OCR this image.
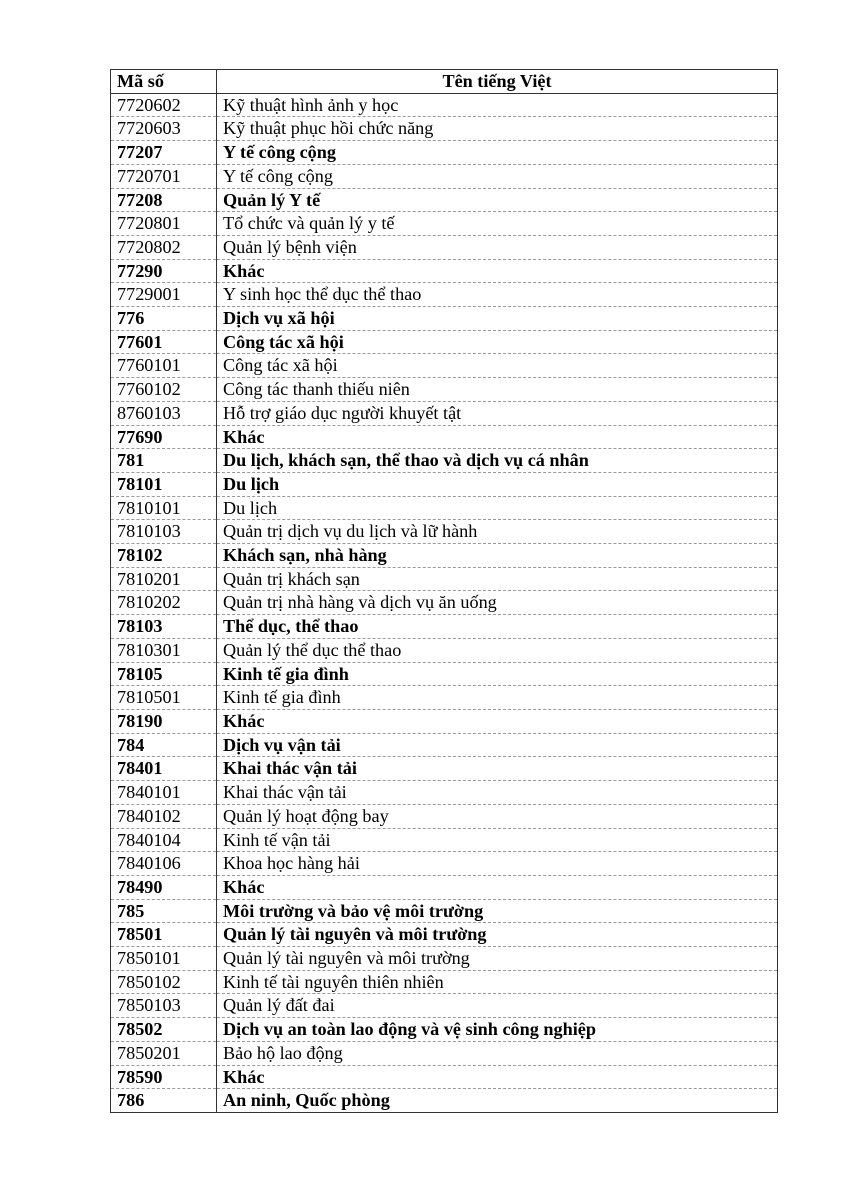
Mã số	Tên tiếng Việt
7720602	Kỹ thuật hình ảnh y học
7720603	Kỹ thuật phục hồi chức năng
77207	Y tế công cộng
7720701	Y tế công cộng
77208	Quản lý Y tế
7720801	Tổ chức và quản lý y tế
7720802	Quản lý bệnh viện
77290	Khác
7729001	Y sinh học thể dục thể thao
776	Dịch vụ xã hội
77601	Công tác xã hội
7760101	Công tác xã hội
7760102	Công tác thanh thiếu niên
8760103	Hỗ trợ giáo dục người khuyết tật
77690	Khác
781	Du lịch, khách sạn, thể thao và dịch vụ cá nhân
78101	Du lịch
7810101	Du lịch
7810103	Quản trị dịch vụ du lịch và lữ hành
78102	Khách sạn, nhà hàng
7810201	Quản trị khách sạn
7810202	Quản trị nhà hàng và dịch vụ ăn uống
78103	Thể dục, thể thao
7810301	Quản lý thể dục thể thao
78105	Kinh tế gia đình
7810501	Kinh tế gia đình
78190	Khác
784	Dịch vụ vận tải
78401	Khai thác vận tải
7840101	Khai thác vận tải
7840102	Quản lý hoạt động bay
7840104	Kinh tế vận tải
7840106	Khoa học hàng hải
78490	Khác
785	Môi trường và bảo vệ môi trường
78501	Quản lý tài nguyên và môi trường
7850101	Quản lý tài nguyên và môi trường
7850102	Kinh tế tài nguyên thiên nhiên
7850103	Quản lý đất đai
78502	Dịch vụ an toàn lao động và vệ sinh công nghiệp
7850201	Bảo hộ lao động
78590	Khác
786	An ninh, Quốc phòng
